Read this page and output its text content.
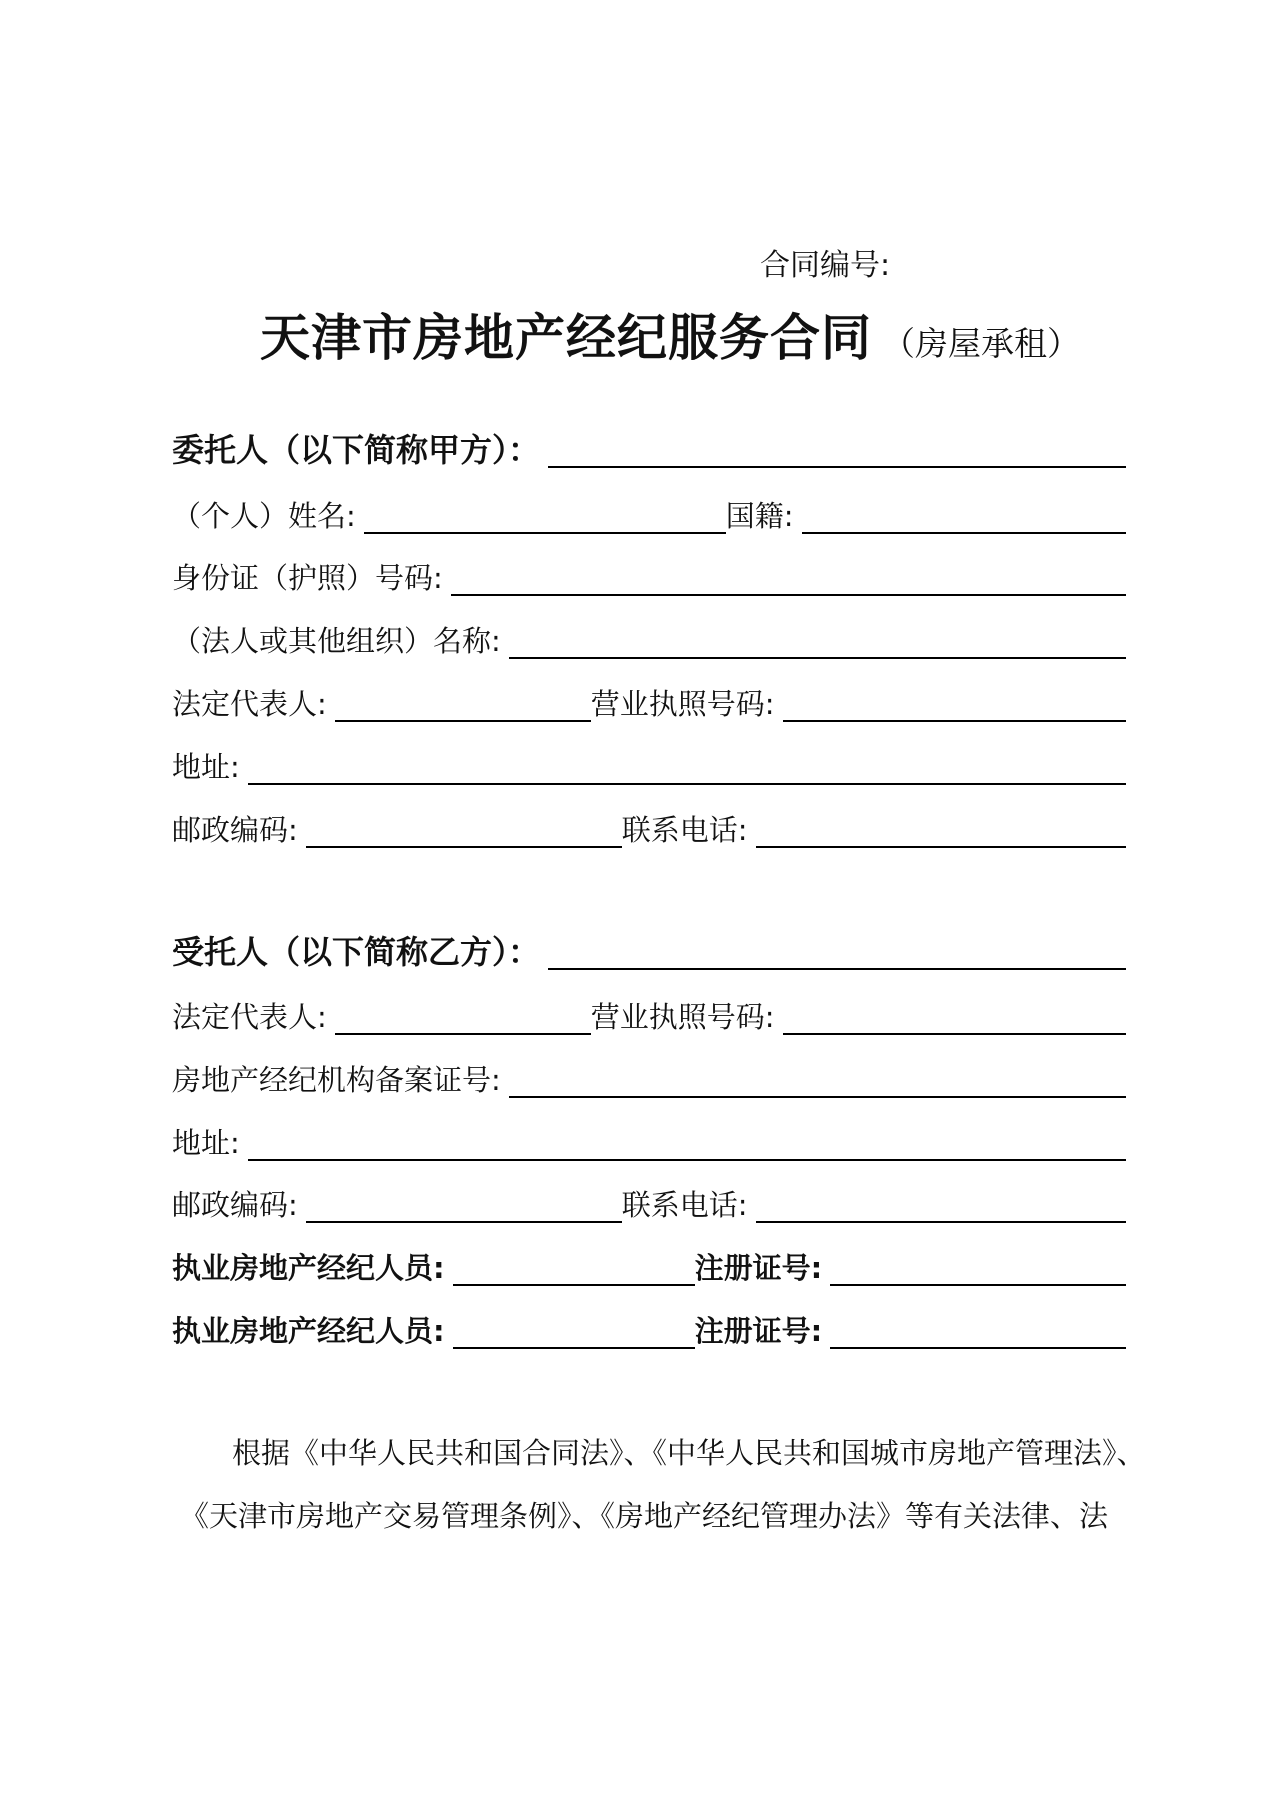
合同编号:
天津市房地产经纪服务合同 （房屋承租）
委托人（以下简称甲方）：
（个人）姓名:	国籍:
身份证（护照）号码:
（法人或其他组织）名称:
法定代表人:	营业执照号码:
地址:
邮政编码:	联系电话:
受托人（以下简称乙方）：
法定代表人:	营业执照号码:
房地产经纪机构备案证号:
地址:
邮政编码:	联系电话:
执业房地产经纪人员:	注册证号:
执业房地产经纪人员:	注册证号:
根据《中华人民共和国合同法》、《中华人民共和国城市房地产管理法》、
《天津市房地产交易管理条例》、《房地产经纪管理办法》等有关法律、法
